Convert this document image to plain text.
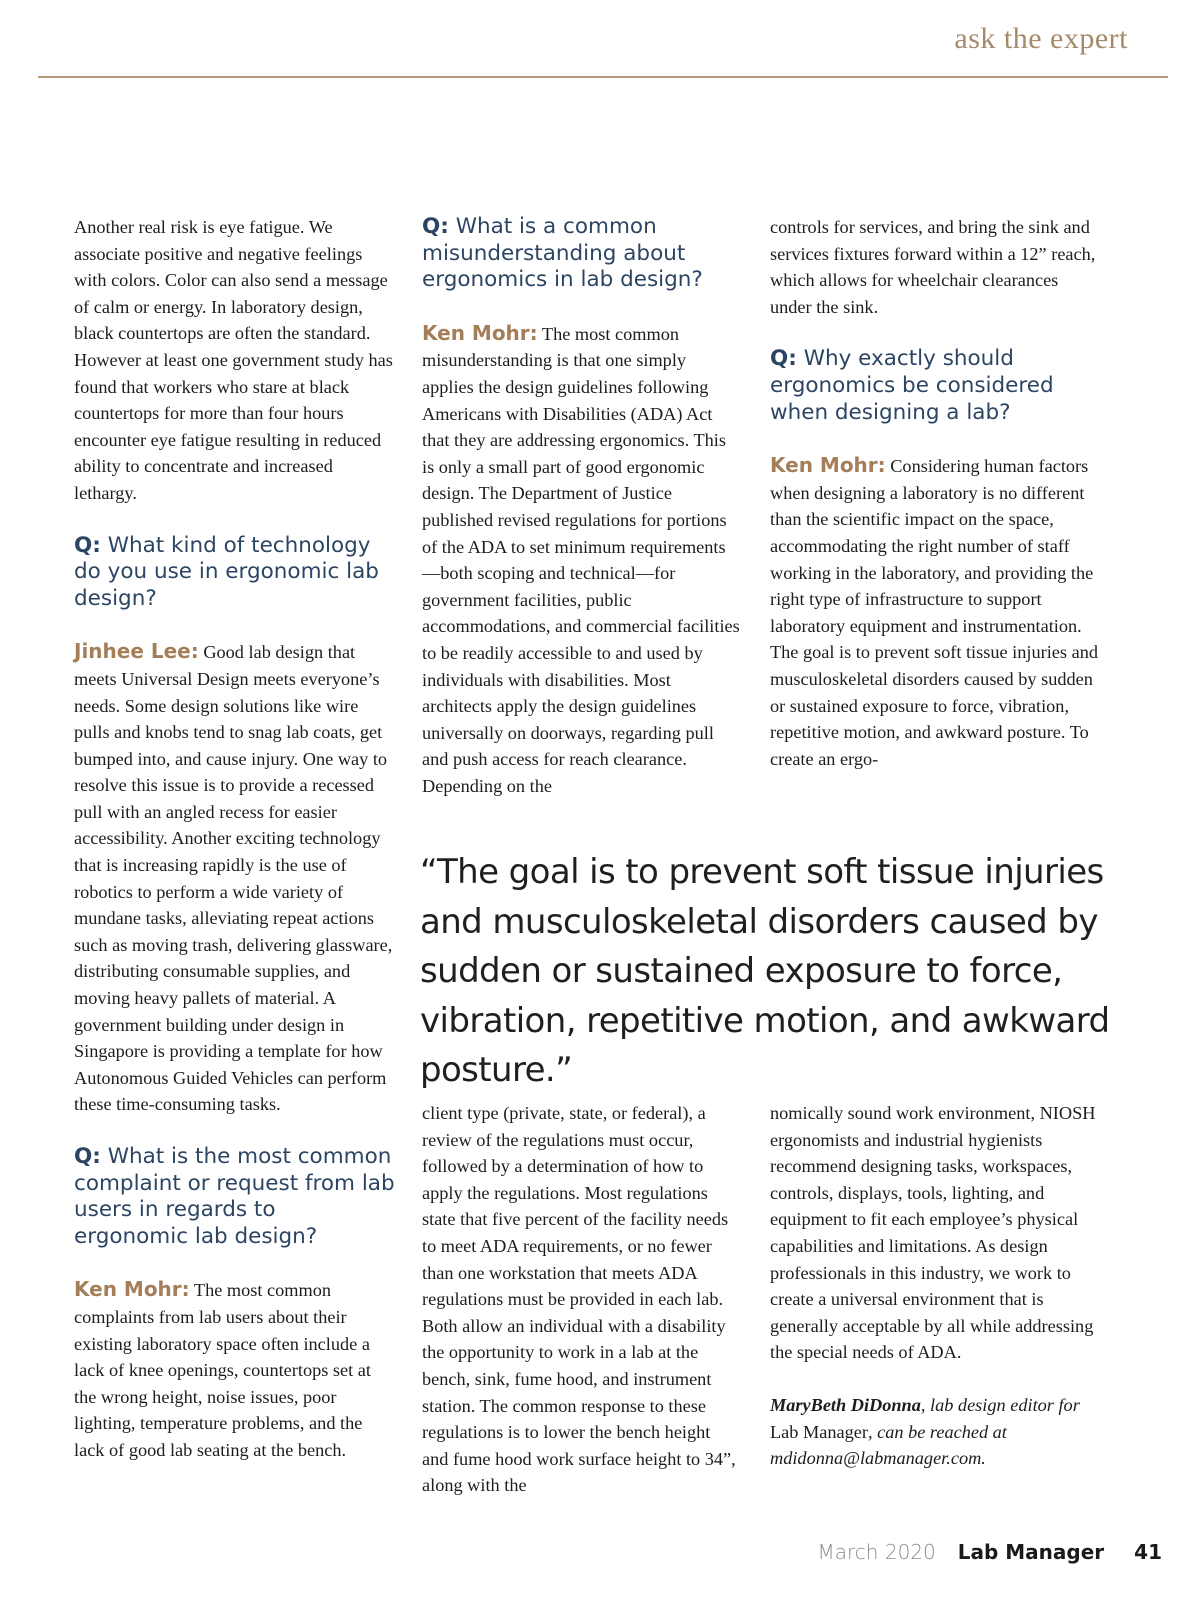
ask the expert

Another real risk is eye fatigue. We associate positive and negative feelings with colors. Color can also send a message of calm or energy. In laboratory design, black countertops are often the standard. However at least one government study has found that workers who stare at black countertops for more than four hours encounter eye fatigue resulting in reduced ability to concentrate and increased lethargy.

Q: What kind of technology do you use in ergonomic lab design?

Jinhee Lee: Good lab design that meets Universal Design meets everyone’s needs. Some design solutions like wire pulls and knobs tend to snag lab coats, get bumped into, and cause injury. One way to resolve this issue is to provide a recessed pull with an angled recess for easier accessibility. Another exciting technology that is increasing rapidly is the use of robotics to perform a wide variety of mundane tasks, alleviating repeat actions such as moving trash, delivering glassware, distributing consumable supplies, and moving heavy pallets of material. A government building under design in Singapore is providing a template for how Autonomous Guided Vehicles can perform these time-consuming tasks.

Q: What is the most common complaint or request from lab users in regards to ergonomic lab design?

Ken Mohr: The most common complaints from lab users about their existing laboratory space often include a lack of knee openings, countertops set at the wrong height, noise issues, poor lighting, temperature problems, and the lack of good lab seating at the bench.

Q: What is a common misunderstanding about ergonomics in lab design?

Ken Mohr: The most common misunderstanding is that one simply applies the design guidelines following Americans with Disabilities (ADA) Act that they are addressing ergonomics. This is only a small part of good ergonomic design. The Department of Justice published revised regulations for portions of the ADA to set minimum requirements—both scoping and technical—for government facilities, public accommodations, and commercial facilities to be readily accessible to and used by individuals with disabilities. Most architects apply the design guidelines universally on doorways, regarding pull and push access for reach clearance. Depending on the

controls for services, and bring the sink and services fixtures forward within a 12” reach, which allows for wheelchair clearances under the sink.

Q: Why exactly should ergonomics be considered when designing a lab?

Ken Mohr: Considering human factors when designing a laboratory is no different than the scientific impact on the space, accommodating the right number of staff working in the laboratory, and providing the right type of infrastructure to support laboratory equipment and instrumentation. The goal is to prevent soft tissue injuries and musculoskeletal disorders caused by sudden or sustained exposure to force, vibration, repetitive motion, and awkward posture. To create an ergo-

“The goal is to prevent soft tissue injuries and musculoskeletal disorders caused by sudden or sustained exposure to force, vibration, repetitive motion, and awkward posture.”

client type (private, state, or federal), a review of the regulations must occur, followed by a determination of how to apply the regulations. Most regulations state that five percent of the facility needs to meet ADA requirements, or no fewer than one workstation that meets ADA regulations must be provided in each lab. Both allow an individual with a disability the opportunity to work in a lab at the bench, sink, fume hood, and instrument station. The common response to these regulations is to lower the bench height and fume hood work surface height to 34”, along with the

nomically sound work environment, NIOSH ergonomists and industrial hygienists recommend designing tasks, workspaces, controls, displays, tools, lighting, and equipment to fit each employee’s physical capabilities and limitations. As design professionals in this industry, we work to create a universal environment that is generally acceptable by all while addressing the special needs of ADA.

MaryBeth DiDonna, lab design editor for Lab Manager, can be reached at mdidonna@labmanager.com.

March 2020 Lab Manager 41
